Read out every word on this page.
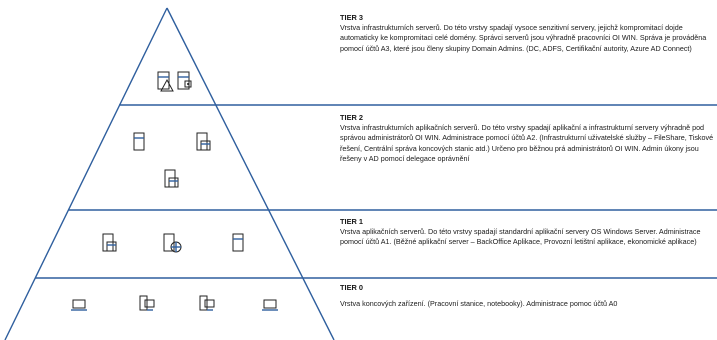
TIER 3

Vrstva infrastrukturních serverů. Do této vrstvy spadají vysoce senzitivní servery, jejichž kompromitací dojde automaticky ke kompromitaci celé domény. Správci serverů jsou výhradně pracovníci OI WIN. Správa je prováděna pomocí účtů A3, které jsou členy skupiny Domain Admins. (DC, ADFS, Certifikační autority, Azure AD Connect)

TIER 2

Vrstva infrastrukturních aplikačních serverů. Do této vrstvy spadají aplikační a infrastrukturní servery výhradně pod správou administrátorů OI WIN. Administrace pomocí účtů A2. (Infrastrukturní uživatelské služby – FileShare, Tiskové řešení, Centrální správa koncových stanic atd.) Určeno pro běžnou prá administrátorů OI WIN. Admin úkony jsou řešeny v AD pomocí delegace oprávnění

TIER 1

Vrstva aplikačních serverů. Do této vrstvy spadají standardní aplikační servery OS Windows Server. Administrace pomocí účtů A1. (Běžné aplikační server – BackOffice Aplikace, Provozní letištní aplikace, ekonomické aplikace)

TIER 0

Vrstva koncových zařízení. (Pracovní stanice, notebooky). Administrace pomoc účtů A0
